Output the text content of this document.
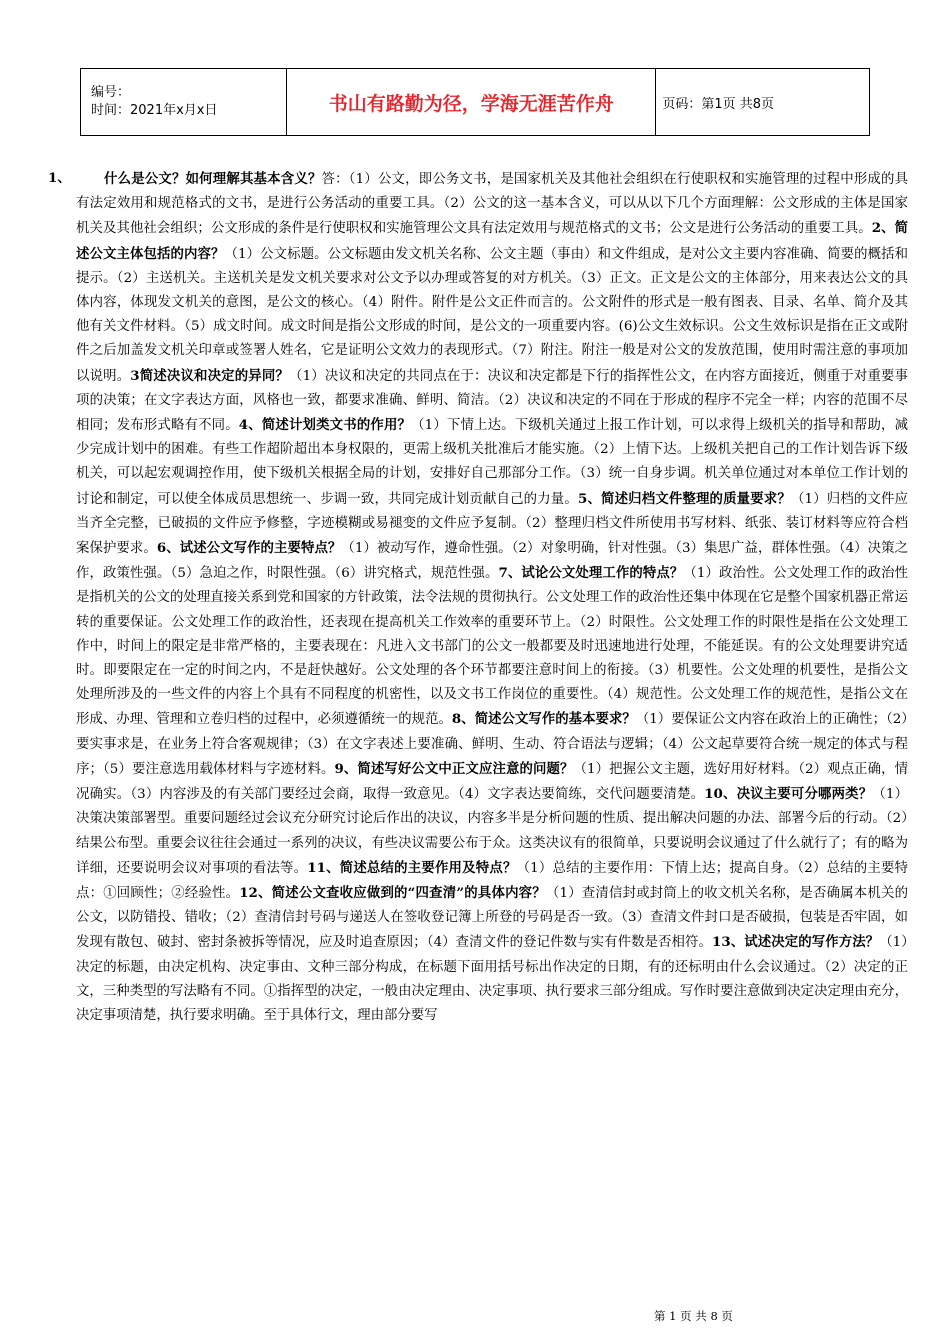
编号：
时间：2021年x月x日	书山有路勤为径，学海无涯苦作舟	页码：第1页 共8页
1、	什么是公文？如何理解其基本含义？答：（1）公文，即公务文书，是国家机关及其他社会组织在行使职权和实施管理的过程中形成的具有法定效用和规范格式的文书，是进行公务活动的重要工具。（2）公文的这一基本含义，可以从以下几个方面理解：公文形成的主体是国家机关及其他社会组织；公文形成的条件是行使职权和实施管理公文具有法定效用与规范格式的文书；公文是进行公务活动的重要工具。2、简述公文主体包括的内容？（1）公文标题。公文标题由发文机关名称、公文主题（事由）和文件组成，是对公文主要内容准确、简要的概括和提示。（2）主送机关。主送机关是发文机关要求对公文予以办理或答复的对方机关。（3）正文。正文是公文的主体部分，用来表达公文的具体内容，体现发文机关的意图，是公文的核心。（4）附件。附件是公文正件而言的。公文附件的形式是一般有图表、目录、名单、简介及其他有关文件材料。（5）成文时间。成文时间是指公文形成的时间，是公文的一项重要内容。(6)公文生效标识。公文生效标识是指在正文或附件之后加盖发文机关印章或签署人姓名，它是证明公文效力的表现形式。（7）附注。附注一般是对公文的发放范围，使用时需注意的事项加以说明。3简述决议和决定的异同？（1）决议和决定的共同点在于：决议和决定都是下行的指挥性公文，在内容方面接近，侧重于对重要事项的决策；在文字表达方面，风格也一致，都要求准确、鲜明、简洁。（2）决议和决定的不同在于形成的程序不完全一样；内容的范围不尽相同；发布形式略有不同。4、简述计划类文书的作用？（1）下情上达。下级机关通过上报工作计划，可以求得上级机关的指导和帮助，减少完成计划中的困难。有些工作超阶超出本身权限的，更需上级机关批准后才能实施。（2）上情下达。上级机关把自己的工作计划告诉下级机关，可以起宏观调控作用，使下级机关根据全局的计划，安排好自己那部分工作。（3）统一自身步调。机关单位通过对本单位工作计划的讨论和制定，可以使全体成员思想统一、步调一致，共同完成计划贡献自己的力量。5、简述归档文件整理的质量要求？（1）归档的文件应当齐全完整，已破损的文件应予修整，字迹模糊或易褪变的文件应予复制。（2）整理归档文件所使用书写材料、纸张、装订材料等应符合档案保护要求。6、试述公文写作的主要特点？（1）被动写作，遵命性强。（2）对象明确，针对性强。（3）集思广益，群体性强。（4）决策之作，政策性强。（5）急迫之作，时限性强。（6）讲究格式，规范性强。7、试论公文处理工作的特点？（1）政治性。公文处理工作的政治性是指机关的公文的处理直接关系到党和国家的方针政策，法令法规的贯彻执行。公文处理工作的政治性还集中体现在它是整个国家机器正常运转的重要保证。公文处理工作的政治性，还表现在提高机关工作效率的重要环节上。（2）时限性。公文处理工作的时限性是指在公文处理工作中，时间上的限定是非常严格的，主要表现在：凡进入文书部门的公文一般都要及时迅速地进行处理，不能延误。有的公文处理要讲究适时。即要限定在一定的时间之内，不是赶快越好。公文处理的各个环节都要注意时间上的衔接。（3）机要性。公文处理的机要性，是指公文处理所涉及的一些文件的内容上个具有不同程度的机密性，以及文书工作岗位的重要性。（4）规范性。公文处理工作的规范性，是指公文在形成、办理、管理和立卷归档的过程中，必须遵循统一的规范。8、简述公文写作的基本要求？（1）要保证公文内容在政治上的正确性；（2）要实事求是，在业务上符合客观规律；（3）在文字表述上要准确、鲜明、生动、符合语法与逻辑；（4）公文起草要符合统一规定的体式与程序；（5）要注意选用载体材料与字迹材料。9、简述写好公文中正文应注意的问题？（1）把握公文主题，选好用好材料。（2）观点正确，情况确实。（3）内容涉及的有关部门要经过会商，取得一致意见。（4）文字表达要简练，交代问题要清楚。10、决议主要可分哪两类？（1）决策决策部署型。重要问题经过会议充分研究讨论后作出的决议，内容多半是分析问题的性质、提出解决问题的办法、部署今后的行动。（2）结果公布型。重要会议往往会通过一系列的决议，有些决议需要公布于众。这类决议有的很简单，只要说明会议通过了什么就行了；有的略为详细，还要说明会议对事项的看法等。11、简述总结的主要作用及特点？（1）总结的主要作用：下情上达；提高自身。（2）总结的主要特点：①回顾性；②经验性。12、简述公文查收应做到的“四查清”的具体内容？（1）查清信封或封筒上的收文机关名称，是否确属本机关的公文，以防错投、错收；（2）查清信封号码与递送人在签收登记簿上所登的号码是否一致。（3）查清文件封口是否破损，包装是否牢固，如发现有散包、破封、密封条被拆等情况，应及时追查原因；（4）查清文件的登记件数与实有件数是否相符。13、试述决定的写作方法？（1）决定的标题，由决定机构、决定事由、文种三部分构成，在标题下面用括号标出作决定的日期，有的还标明由什么会议通过。（2）决定的正文，三种类型的写法略有不同。①指挥型的决定，一般由决定理由、决定事项、执行要求三部分组成。写作时要注意做到决定决定理由充分，决定事项清楚，执行要求明确。至于具体行文，理由部分要写
第 1 页 共 8 页
